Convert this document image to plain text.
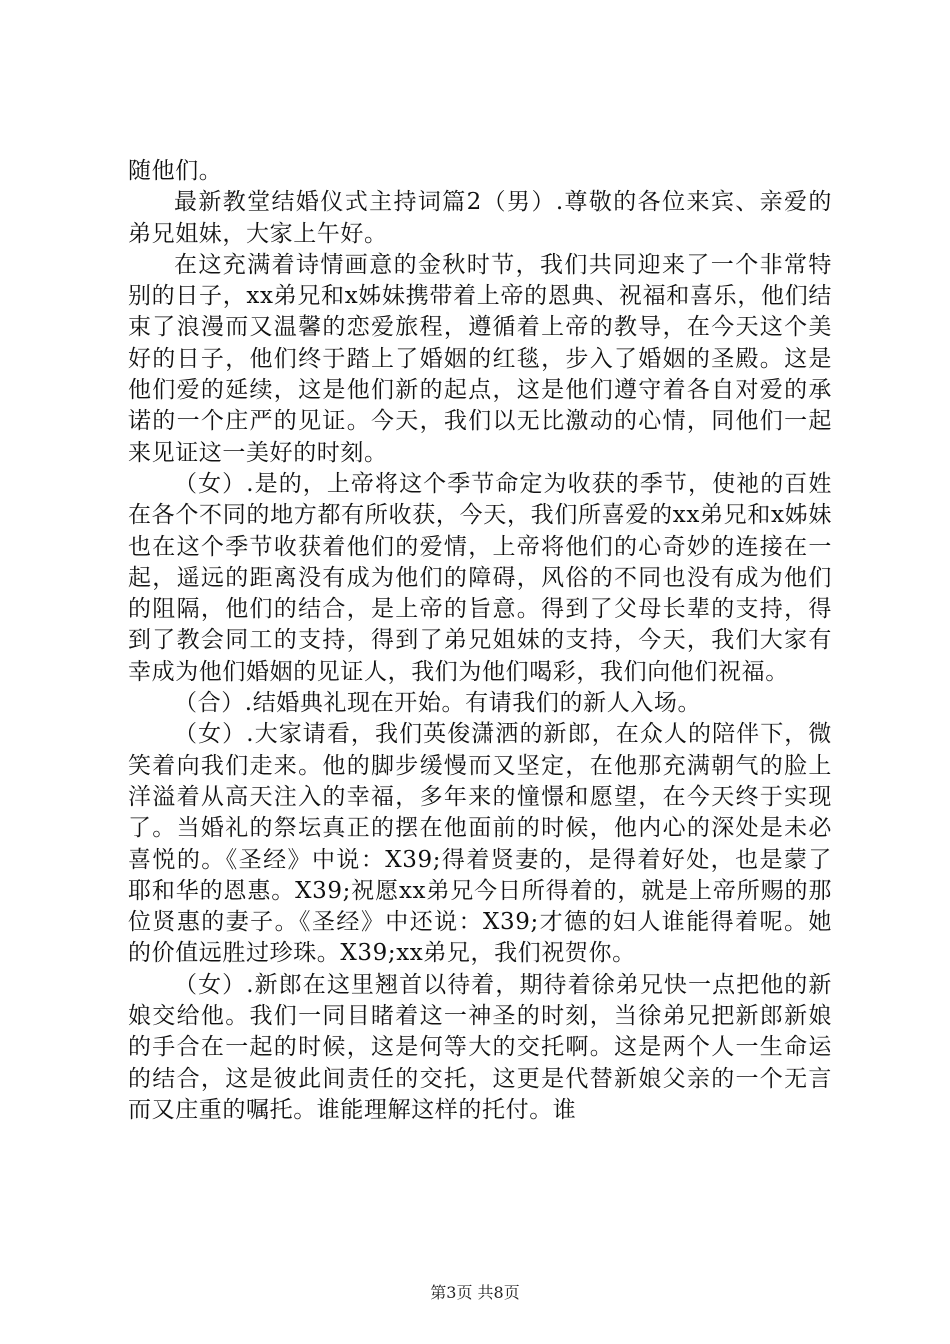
随他们。

最新教堂结婚仪式主持词篇2（男）.尊敬的各位来宾、亲爱的弟兄姐妹，大家上午好。

在这充满着诗情画意的金秋时节，我们共同迎来了一个非常特别的日子，xx弟兄和x姊妹携带着上帝的恩典、祝福和喜乐，他们结束了浪漫而又温馨的恋爱旅程，遵循着上帝的教导，在今天这个美好的日子，他们终于踏上了婚姻的红毯，步入了婚姻的圣殿。这是他们爱的延续，这是他们新的起点，这是他们遵守着各自对爱的承诺的一个庄严的见证。今天，我们以无比激动的心情，同他们一起来见证这一美好的时刻。

（女）.是的，上帝将这个季节命定为收获的季节，使祂的百姓在各个不同的地方都有所收获，今天，我们所喜爱的xx弟兄和x姊妹也在这个季节收获着他们的爱情，上帝将他们的心奇妙的连接在一起，遥远的距离没有成为他们的障碍，风俗的不同也没有成为他们的阻隔，他们的结合，是上帝的旨意。得到了父母长辈的支持，得到了教会同工的支持，得到了弟兄姐妹的支持，今天，我们大家有幸成为他们婚姻的见证人，我们为他们喝彩，我们向他们祝福。

（合）.结婚典礼现在开始。有请我们的新人入场。

（女）.大家请看，我们英俊潇洒的新郎，在众人的陪伴下，微笑着向我们走来。他的脚步缓慢而又坚定，在他那充满朝气的脸上洋溢着从高天注入的幸福，多年来的憧憬和愿望，在今天终于实现了。当婚礼的祭坛真正的摆在他面前的时候，他内心的深处是未必喜悦的。《圣经》中说：X39;得着贤妻的，是得着好处，也是蒙了耶和华的恩惠。X39;祝愿xx弟兄今日所得着的，就是上帝所赐的那位贤惠的妻子。《圣经》中还说：X39;才德的妇人谁能得着呢。她的价值远胜过珍珠。X39;xx弟兄，我们祝贺你。

（女）.新郎在这里翘首以待着，期待着徐弟兄快一点把他的新娘交给他。我们一同目睹着这一神圣的时刻，当徐弟兄把新郎新娘的手合在一起的时候，这是何等大的交托啊。这是两个人一生命运的结合，这是彼此间责任的交托，这更是代替新娘父亲的一个无言而又庄重的嘱托。谁能理解这样的托付。谁

第3页 共8页
